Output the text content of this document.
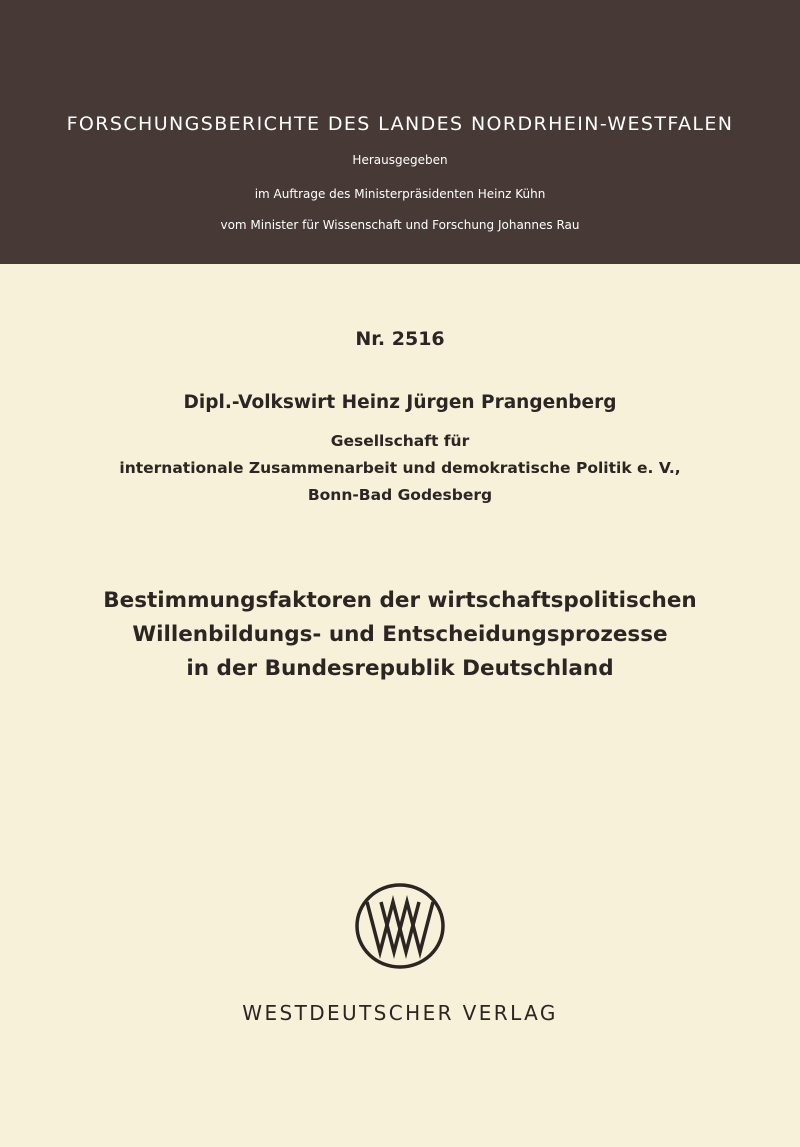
FORSCHUNGSBERICHTE DES LANDES NORDRHEIN-WESTFALEN
Herausgegeben
im Auftrage des Ministerpräsidenten Heinz Kühn
vom Minister für Wissenschaft und Forschung Johannes Rau
Nr. 2516
Dipl.-Volkswirt Heinz Jürgen Prangenberg
Gesellschaft für
internationale Zusammenarbeit und demokratische Politik e. V.,
Bonn-Bad Godesberg
Bestimmungsfaktoren der wirtschaftspolitischen
Willenbildungs- und Entscheidungsprozesse
in der Bundesrepublik Deutschland
WESTDEUTSCHER VERLAG
